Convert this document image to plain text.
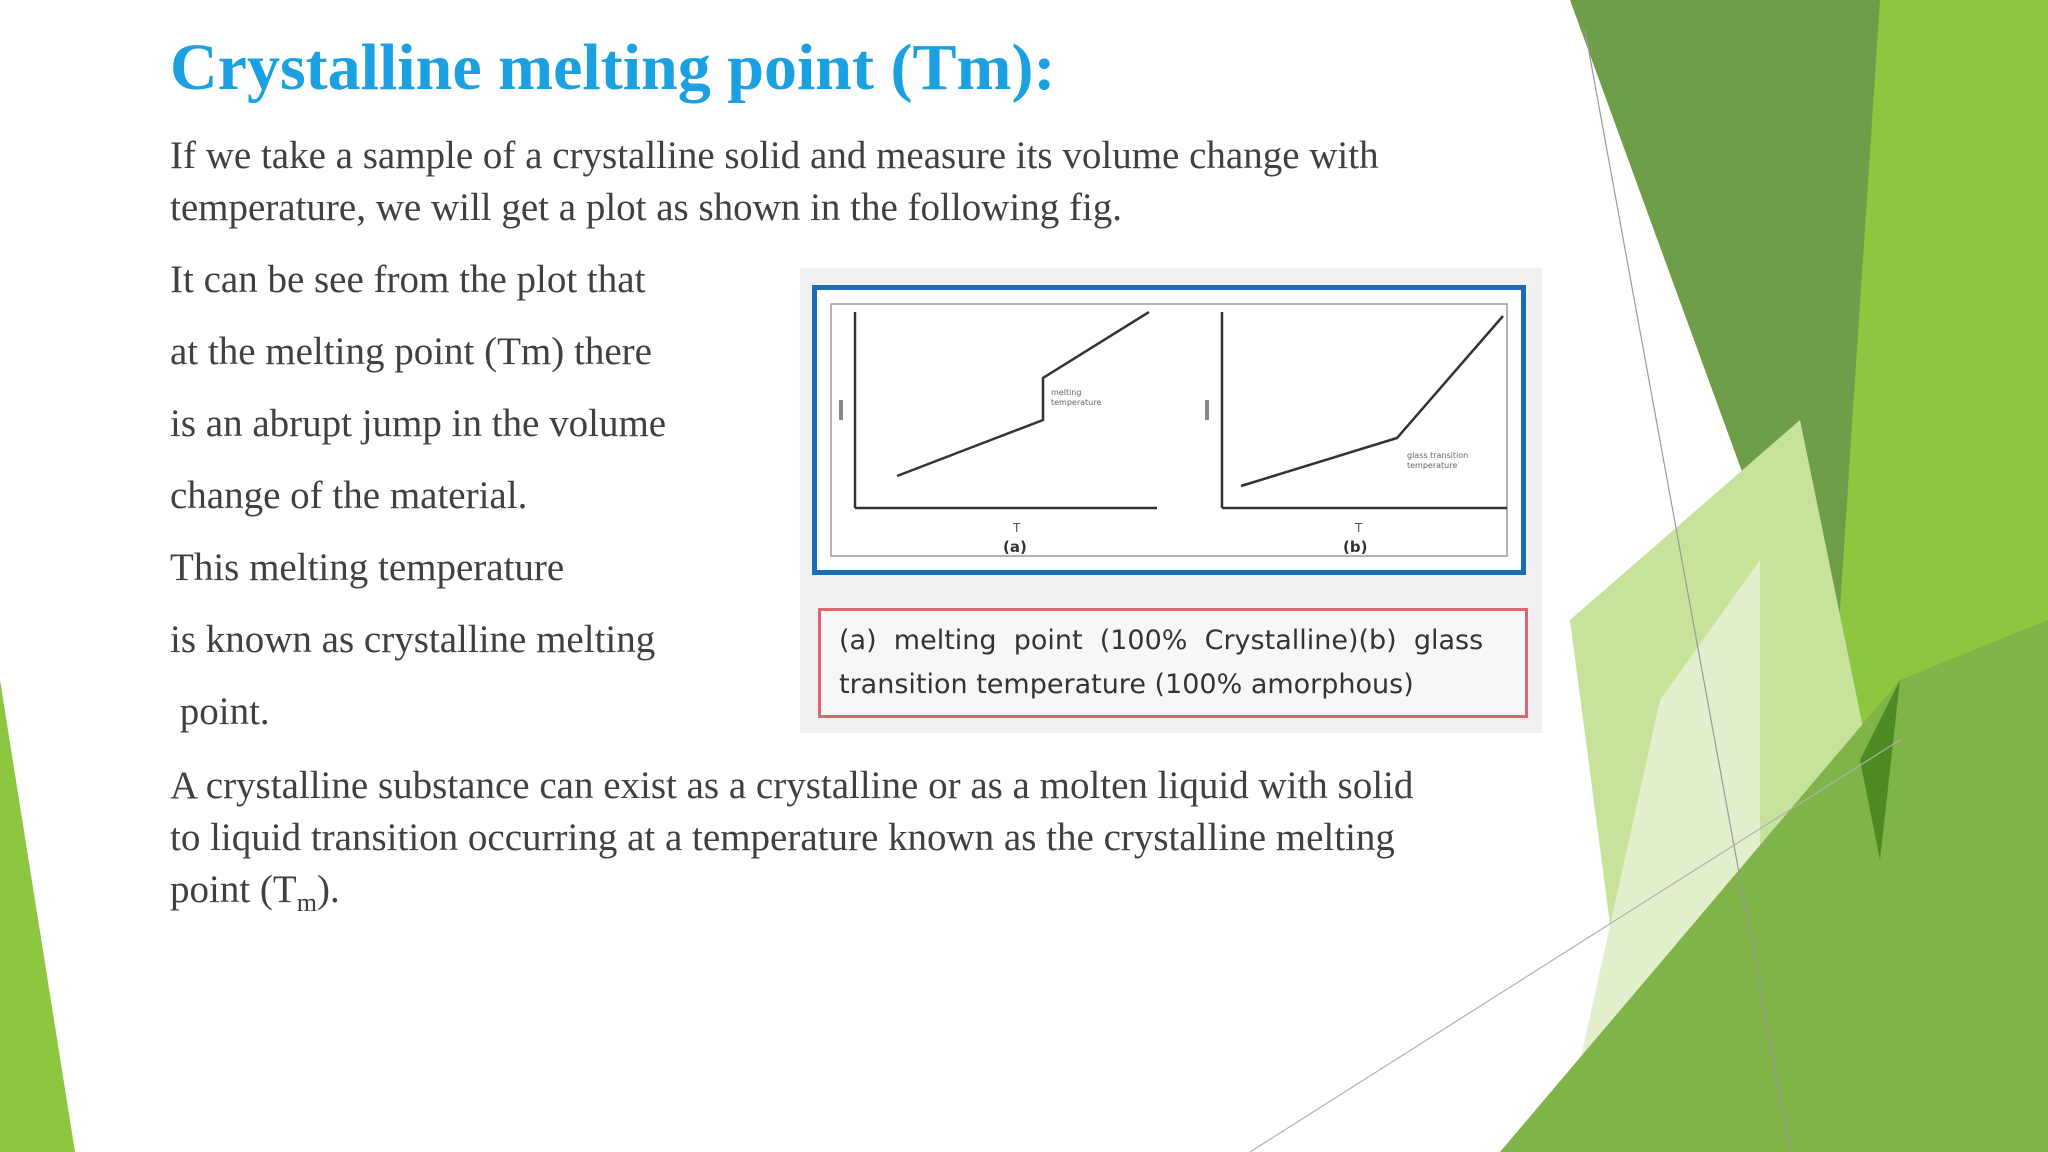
Crystalline melting point (Tm):

If we take a sample of a crystalline solid and measure its volume change with

temperature, we will get a plot as shown in the following fig.

It can be see from the plot that

at the melting point (Tm) there

is an abrupt jump in the volume

change of the material.

This melting temperature

is known as crystalline melting

point.

A crystalline substance can exist as a crystalline or as a molten liquid with solid

to liquid transition occurring at a temperature known as the crystalline melting

point $(T_m)$.

melting
temperature
T
(a)
glass transition
temperature
T
(b)
(a)  melting  point  (100%  Crystalline)(b)  glass
transition temperature (100% amorphous)
